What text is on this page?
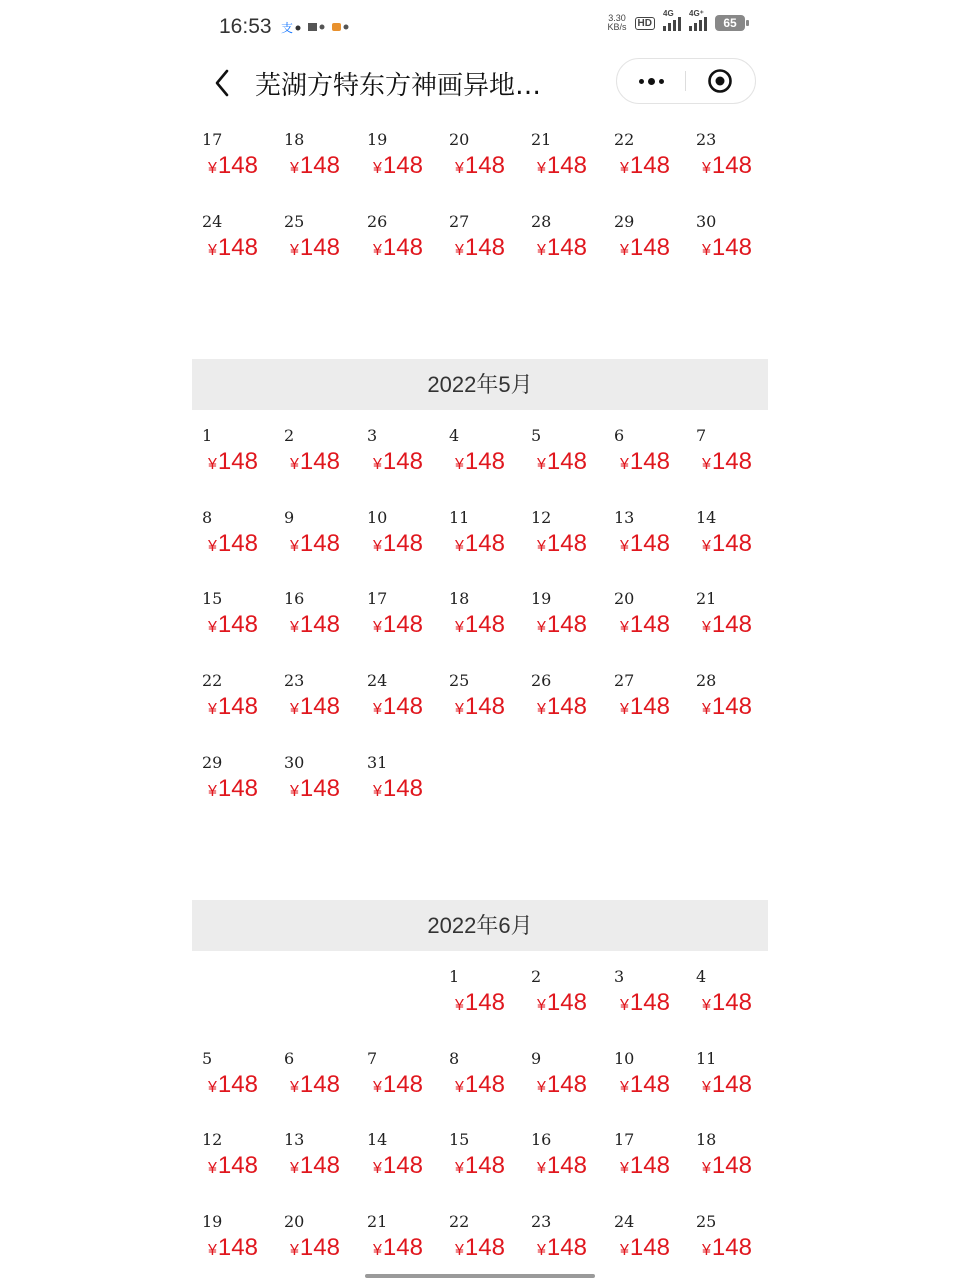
16:53 支
3.30
KB/s	HD
4G 4G⁺
65
芜湖方特东方神画异地…
17
¥148
18
¥148
19
¥148
20
¥148
21
¥148
22
¥148
23
¥148
24
¥148
25
¥148
26
¥148
27
¥148
28
¥148
29
¥148
30
¥148
2022年5月
1
¥148
2
¥148
3
¥148
4
¥148
5
¥148
6
¥148
7
¥148
8
¥148
9
¥148
10
¥148
11
¥148
12
¥148
13
¥148
14
¥148
15
¥148
16
¥148
17
¥148
18
¥148
19
¥148
20
¥148
21
¥148
22
¥148
23
¥148
24
¥148
25
¥148
26
¥148
27
¥148
28
¥148
29
¥148
30
¥148
31
¥148
2022年6月
1
¥148
2
¥148
3
¥148
4
¥148
5
¥148
6
¥148
7
¥148
8
¥148
9
¥148
10
¥148
11
¥148
12
¥148
13
¥148
14
¥148
15
¥148
16
¥148
17
¥148
18
¥148
19
¥148
20
¥148
21
¥148
22
¥148
23
¥148
24
¥148
25
¥148
